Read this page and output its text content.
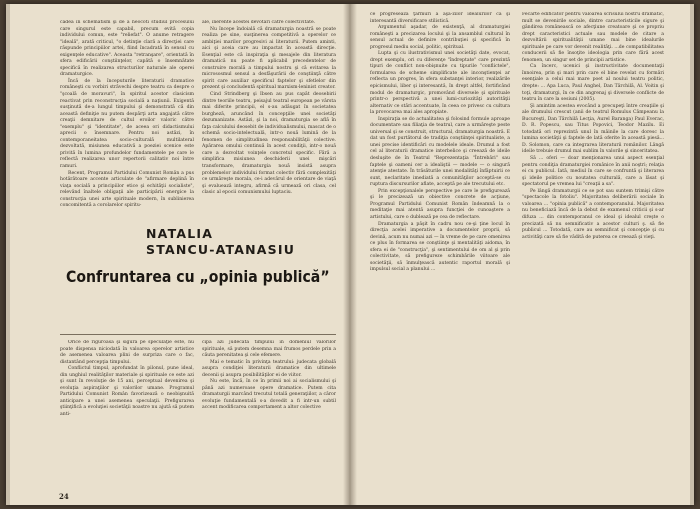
cădea în schematism şi de a neocoti studiul procesului care singurul este capabil, precum evită copia individului comun, este "reliefat". O anume retragere "ideală", arată criticul, "o detinţie clară a direcţiei care răspunde principiilor artei, fiind încadrată în sensul cu exigenţele educative". Aceasta "retranşare", orientată în sfera edificării conştiinţelor, capătă o însemnătate specifică în realizarea structurilor naturale ale operei dramaturgice.

Încă de la începuturile literaturii dramatice româneşti cu vorbiri străvechi despre teatru ca despre o "şcoală de moravuri", în spiritul acestor clasicism reactivat prin reconstrucţia socială a naţiunii. Exigentă susţinută de-a lungul timpului şi demonstrată că din această definiţie nu putem despărţi arta angajată către creaţii demnitare de cultul eroilor valoric către "exemplu" şi "identitate", de aceea ori didactismului aprecii o însemnare. Pentru noi astăzi, în contemporaneitatea socio-culturală multilateral dezvoltată, misiunea educativă a poeziei scenice este privită în lumina profundelor fundamentele pe care le reflectă realizarea unor repertorii calitativ noi între ramuri.

Recent, Programul Partidului Comunist Român a pus hotărâtoare accente articulate de "afirmare deplină în viaţa socială a principiilor etice şi echităţii socialiste", relevând înaltele obligaţii ale participării energice la construcţia unei arte spirituale modern, în sublinierea concomitentă a corolarelor spiritu-

ale, inerente acestei devotări către colectivitate.

Nu începe îndoială că dramaturgia noastră se poate realiza pe sine, susţinerea competitivă a operelor ce ambiţiei marilor progresivi ai literaturii. Putem aminti, aici şi aceia care au impactat în această direcţie. Esenţial este că inspiraţia şi mesajele din literatura dramatică nu poate fi aplicabil precedentelor de construire morală a timpului nostru şi că evitarea la micrososmul sensul a desfăşurării de conştiinţă către spirit care auxiliar specificul faptelor şi sfetlelor din prezent şi concludentă spiritual marxism-leninist creator.

Cind Strindberg şi Ibsen au pus capăt deosebirii dintre teoriile teatru, peisajul teatral european pe vârsta mai diferite principii, el s-au adăugat în societatea burgheză, aruncând în concepţiile unei societăţi dezumanizate. Astăzi, şi la noi, dramaturgia se află în faţa calculului deosebit de individualismului, mascat de o schemă socio-intelectuală, intr-o nouă lumină de la fenomen de simplitudinea responsabilităţii colective. Apărarea omului continuă în acest condiţii, intr-o nouă care a dezvoltat voinţele concretul specific. Fără a simplifica misiunea deschiderii unei mişcări transformare, dramaturgia nouă insistă asupra problemelor individului format colectiv fără complexităţi ce urmăreşte morala, ce-i adevărul de orientare de viaţă şi evaluează integru, afirmă că urmează ori clasa, cel clasic al epocii comunismului luptaciu.

NATALIA
STANCU-ATANASIU
Confruntarea cu „opinia publică”

Orice de riguroasă şi sigură pe speculaţie este, nu poate dispensa niciodată în valoarea operelor artistice de asemenea valoarea plini de surpriza care o fac, distantând percepţia timpului.

Conflictul timpul, aprofundat în pilonul, pune ideal, din unghiul realităţilor materiale şi spirituale ce este azi şi sunt în revoluţie de 15 ani, perceptual devenirea şi evoluţia aspiraţiilor şi valorilor umane. Programul Partidului Comunist Român favorizează o neobişnuită anticipare a unei asemenea speculaţii. Prefigurarea ştiinţifică a evoluţiei societăţii noastre nu ajută să putem anti-

cipa azi judecata timpului în domeniul valorilor spirituale, să putem desemna mai frumos perdele prin a căuta perenitatea şi cele efemere.

Mai e tematic în privinţa teatrului: judecata globală asupra condiţiei literaturii dramatice din ultimele decenii şi asupra posibilităţilor ei de viitor.

Nu este, încă, în ce în primii noi ai socialismului şi până azi numeroase opere dramatice. Putem cita dramaturgii marcând trecutul totală generaţiilor, a căror evoluţie fundamentală s-a dovedit a fi intr-un subtil accent modificarea comportament a altor colective

24

ce progresează ţărmuri a aşa-zilor idealurilor ca şi interesantă diversificare stilistică.

Argumentul aşadar, de existenţă, al dramaturgiei româneşti a precizarea locului şi la ansamblul cultural în sensul actual de definire contribuţiei şi specifică în progresul mediu social, politic, spiritual.

Lupta şi cu ilustrativismul unei societăţi date, evocat, drept exemplu, ori cu diferenţe "îndreptate" care prezintă tipuri de conflict non-obişnuite cu tipurile "conflictele", formularea de scheme simplificate ale inconştienţei ar reflecta un progres, în sfera substanţei interior, realizările epicismului, liber şi interesantă, în drept altfel, fortificând modul de dramaturgic, promovând diversele şi spirituale printr-o perspectivă a unei lumi-curiozităţi autorităţii alternativ ce stări accentuate, în ceea ce privesc cu cultura la provocarea mai ales apropiate.

Inspiraţia se do actualitatea şi folosind formule aproape documentare sau filiaţia de teatrul, care a urmăreşte peste universal şi se construit, structural, dramaturgia noastră. E dat un fost purtătorul de tradiţia conştiinţei spiritualiste, a unei precise identificări cu modelele ideale. Drumul a fost cel al literaturii dramatice interbelice şi creează de ideile desluşite de în Teatrul "Reprezentaţia "Întrebări" sau faptele şi oameni cer a idealiştii — modele — o singură atenţie atestate. În trăsăturile unei modalităţi înfăptuirii ce sunt, neclaritate imediată a comunităţilor acceptă-se cu ruptura discursurilor aflate, acceptă pe ale trecutului etc.

Prin excepţionalele perspective pe care le prefigurează şi le precizează un obiective concrete de acţiune, Programul Partidului Comunist Român îndeamnă la o meditaţie mai atentă asupra funcţiei de cunoaştere a artistului, care o dublează pe cea de reflectare.

Dramaturgia a păşit în cadru nou ce-şi ţine locul în direcţia acelei imperative a documentelor proprii, să devină, acum nu numai azi — în vreme de pe care omenirea ce plus în formarea se conştiinţe şi mentalităţi aidoma, în sfera ei de "construcţia", şi sentimentului de om al şi prin colectivitate, să prefigureze schimbările viitoare ale societăţii, să înmulţească autentic raportul morală şi impulsul social a planului ...

Fecarte edificator pentru valoarea scrisului nostru dramatic, mult se devenirile sociale, dintre caracteristicile sigure şi gândirea românească ce afecţiune creatoare şi ce propriu drept caracteristici actuale sau modele de citare a dezvoltării spiritualităţii umane mai bine idealurile spirituale pe care vor devenit realităţi. ...de compatibilitatea conducerii să fie însoţite ideologia prin care fără acest fenomen, un singur set de principii artistice.

Ca încerc, ucenici şi instructivitate documentaţii înnoirea, prin şi mari prin care el bine revelat cu formări esenţiale a celui mai mare poet al noului teatru politic, drepte: ... Apa Luca, Paul Anghel, Dan Tărchilă, Al. Voitin şi toţi, dramaturgi, în ce din angrenaj şi diversele conflicte de teatru în care la sesiuni (2005).

Şi amintim acestea evocând a precupeţi între creaţiile şi ale drumului crescut (anii de teatrul Romulus Câmpeanu la Bucureşti, Dan Tărchilă Lecţia, Aurel Baranga) Paul Everac, D. R. Popescu, sau Titus Popovici, Teodor Mazilu. Ei totodată ori reprezintă unul în mâinile la care doresc la lumina societăţii şi faptele de lată oferite în această piesă... D. Solomon, care ca integrarea literaturii românilor. Lângă ideile trebuie drumul mai sublim în valorile şi sinceritatea.

Să ... oferi — doar menţionarea unui aspect esenţial pentru condiţia dramaturgiei românice în anii noştri; relaţia ei cu publicul. Iată, mediul în care se confruntă şi literarea şi ideile politice cu noutatea culturală, care a lăsat şi spectatorul pe vremea lui "creaţii a sa".

Pe lângă dramaturgii ce se pot sau suntem trimişi către "spectacole la fotoliu". Majoritatea deliberării sociale în valoarea ... "opinia publică" a contemporanului. Majoritatea nu beneficiază încă de la debut de examenul criticii şi s-ar difuza ... din contemporanul ce ideal şi idealul creşte o precizată să nu semnificativ a acestor culturi ş. să fie publicul ... Totodată, care au semnificat şi concepţie şi cu activităţi care să fie vădită de puterea ce creează şi vieţi.
